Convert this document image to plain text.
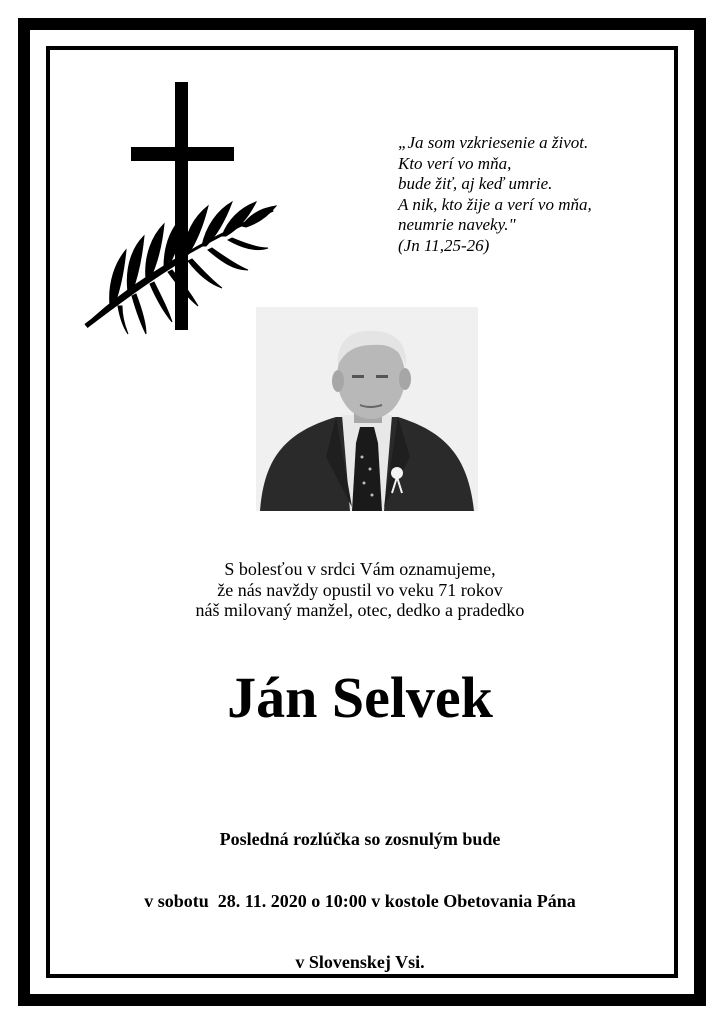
„Ja som vzkriesenie a život.
Kto verí vo mňa,
bude žiť, aj keď umrie.
A nik, kto žije a verí vo mňa,
neumrie naveky."
(Jn 11,25-26)
S bolesťou v srdci Vám oznamujeme,
že nás navždy opustil vo veku 71 rokov
náš milovaný manžel, otec, dedko a pradedko
Ján Selvek

Posledná rozlúčka so zosnulým bude

v sobotu  28. 11. 2020 o 10:00 v kostole Obetovania Pána

v Slovenskej Vsi.
